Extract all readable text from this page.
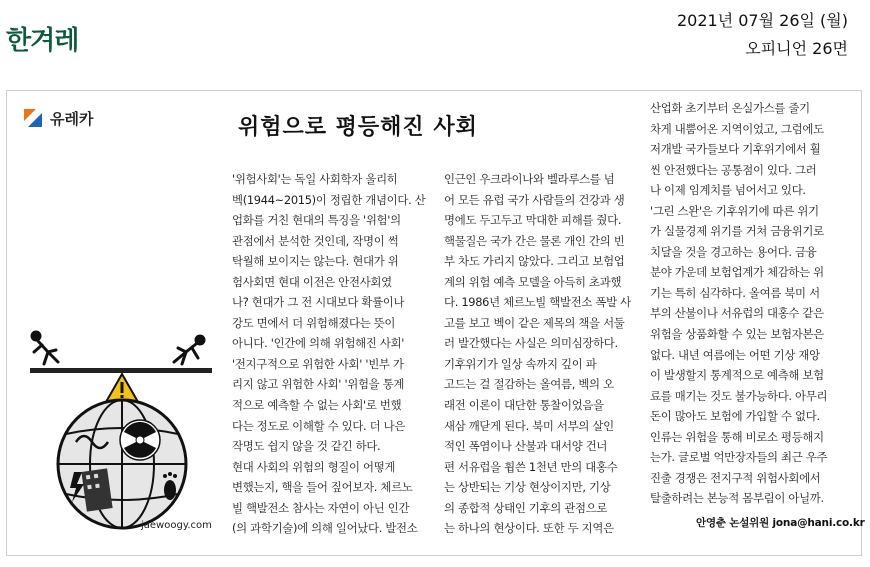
한겨레
2021년 07월 26일 (월)
오피니언 26면
유레카	위험으로 평등해진 사회
'위험사회'는 독일 사회학자 울리히
벡(1944~2015)이 정립한 개념이다. 산
업화를 거친 현대의 특징을 '위험'의
관점에서 분석한 것인데, 작명이 썩
탁월해 보이지는 않는다. 현대가 위
험사회면 현대 이전은 안전사회였
나? 현대가 그 전 시대보다 확률이나
강도 면에서 더 위험해졌다는 뜻이
아니다. '인간에 의해 위험해진 사회'
'전지구적으로 위험한 사회' '빈부 가
리지 않고 위험한 사회' '위험을 통계
적으로 예측할 수 없는 사회'로 번했
다는 정도로 이해할 수 있다. 더 나은
작명도 쉽지 않을 것 같긴 하다.
현대 사회의 위험의 형질이 어떻게
변했는지, 핵을 들어 짚어보자. 체르노
빌 핵발전소 참사는 자연이 아닌 인간
(의 과학기술)에 의해 일어났다. 발전소
인근인 우크라이나와 벨라루스를 넘
어 모든 유럽 국가 사람들의 건강과 생
명에도 두고두고 막대한 피해를 줬다.
핵물질은 국가 간은 물론 개인 간의 빈
부 차도 가리지 않았다. 그리고 보험업
계의 위험 예측 모델을 아득히 초과했
다. 1986년 체르노빌 핵발전소 폭발 사
고를 보고 벡이 같은 제목의 책을 서둘
러 발간했다는 사실은 의미심장하다.
기후위기가 일상 속까지 깊이 파
고드는 걸 절감하는 올여름, 벡의 오
래전 이론이 대단한 통찰이었음을
새삼 깨닫게 된다. 북미 서부의 살인
적인 폭염이나 산불과 대서양 건너
편 서유럽을 휩쓴 1천년 만의 대홍수
는 상반되는 기상 현상이지만, 기상
의 종합적 상태인 기후의 관점으로
는 하나의 현상이다. 또한 두 지역은
산업화 초기부터 온실가스를 줄기
차게 내뿜어온 지역이었고, 그럼에도
저개발 국가들보다 기후위기에서 훨
씬 안전했다는 공통점이 있다. 그러
나 이제 임계치를 넘어서고 있다.
'그린 스완'은 기후위기에 따른 위기
가 실물경제 위기를 거쳐 금융위기로
치달을 것을 경고하는 용어다. 금융
분야 가운데 보험업계가 체감하는 위
기는 특히 심각하다. 올여름 북미 서
부의 산불이나 서유럽의 대홍수 같은
위험을 상품화할 수 있는 보험자본은
없다. 내년 여름에는 어떤 기상 재앙
이 발생할지 통계적으로 예측해 보험
료를 매기는 것도 불가능하다. 아무리
돈이 많아도 보험에 가입할 수 없다.
인류는 위험을 통해 비로소 평등해지
는가. 글로벌 억만장자들의 최근 우주
진출 경쟁은 전지구적 위험사회에서
탈출하려는 본능적 몸부림이 아닐까.
안영춘 논설위원 jona@hani.co.kr
jaewoogy.com
